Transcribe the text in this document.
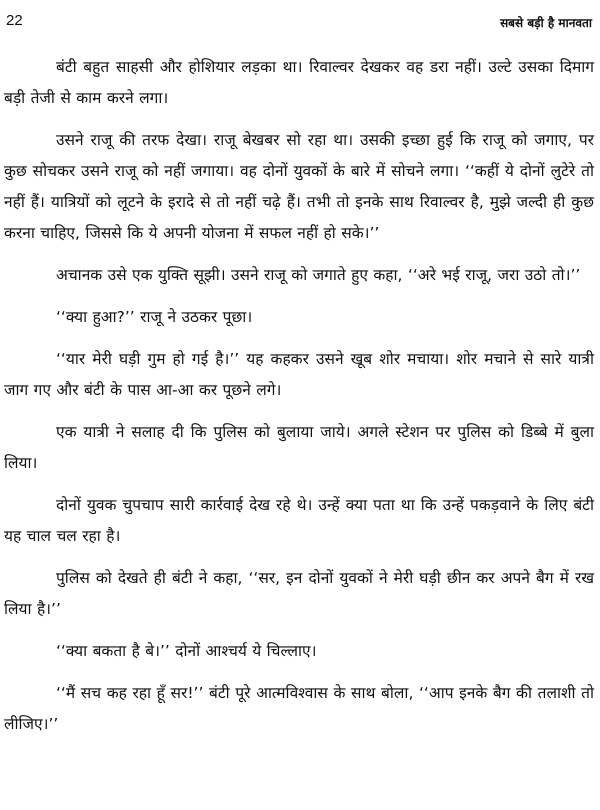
22	सबसे बड़ी है मानवता

बंटी बहुत साहसी और होशियार लड़का था। रिवाल्वर देखकर वह डरा नहीं। उल्टे उसका दिमाग बड़ी तेजी से काम करने लगा।

उसने राजू की तरफ देखा। राजू बेखबर सो रहा था। उसकी इच्छा हुई कि राजू को जगाए, पर कुछ सोचकर उसने राजू को नहीं जगाया। वह दोनों युवकों के बारे में सोचने लगा। ‘‘कहीं ये दोनों लुटेरे तो नहीं हैं। यात्रियों को लूटने के इरादे से तो नहीं चढ़े हैं। तभी तो इनके साथ रिवाल्वर है, मुझे जल्दी ही कुछ करना चाहिए, जिससे कि ये अपनी योजना में सफल नहीं हो सके।’’

अचानक उसे एक युक्ति सूझी। उसने राजू को जगाते हुए कहा, ‘‘अरे भई राजू, जरा उठो तो।’’

‘‘क्या हुआ?’’ राजू ने उठकर पूछा।

‘‘यार मेरी घड़ी गुम हो गई है।’’ यह कहकर उसने खूब शोर मचाया। शोर मचाने से सारे यात्री जाग गए और बंटी के पास आ-आ कर पूछने लगे।

एक यात्री ने सलाह दी कि पुलिस को बुलाया जाये। अगले स्टेशन पर पुलिस को डिब्बे में बुला लिया।

दोनों युवक चुपचाप सारी कार्रवाई देख रहे थे। उन्हें क्या पता था कि उन्हें पकड़वाने के लिए बंटी यह चाल चल रहा है।

पुलिस को देखते ही बंटी ने कहा, ‘‘सर, इन दोनों युवकों ने मेरी घड़ी छीन कर अपने बैग में रख लिया है।’’

‘‘क्या बकता है बे।’’ दोनों आश्चर्य ये चिल्लाए।

‘‘मैं सच कह रहा हूँ सर!’’ बंटी पूरे आत्मविश्वास के साथ बोला, ‘‘आप इनके बैग की तलाशी तो लीजिए।’’
